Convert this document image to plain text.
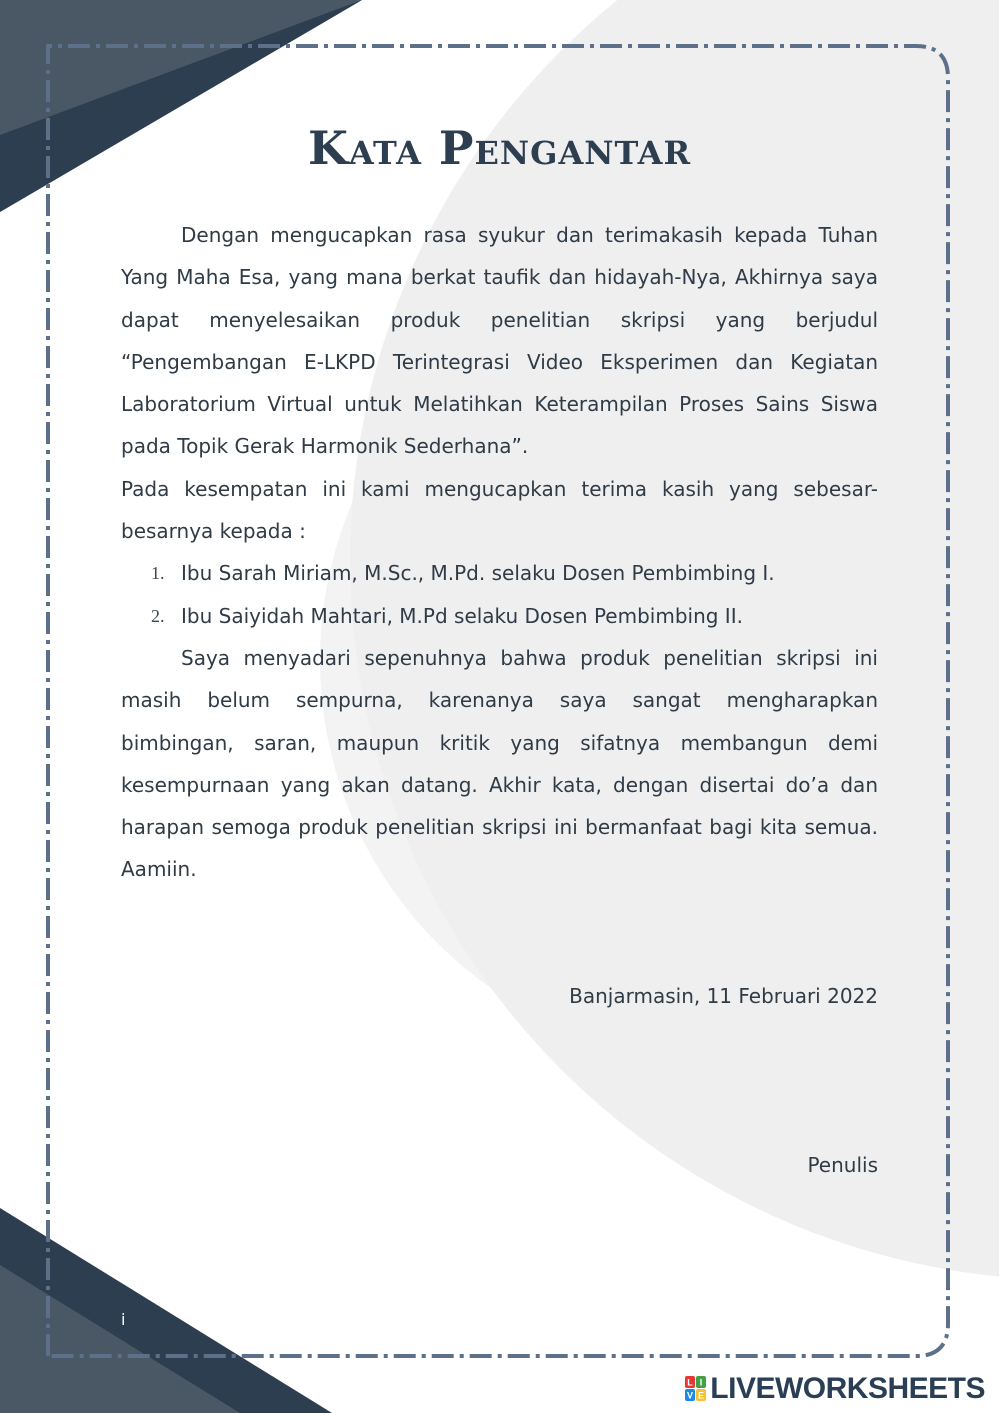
Kata Pengantar

Dengan mengucapkan rasa syukur dan terimakasih kepada Tuhan Yang Maha Esa, yang mana berkat taufik dan hidayah-Nya, Akhirnya saya dapat menyelesaikan produk penelitian skripsi yang berjudul “Pengembangan E-LKPD Terintegrasi Video Eksperimen dan Kegiatan Laboratorium Virtual untuk Melatihkan Keterampilan Proses Sains Siswa pada Topik Gerak Harmonik Sederhana”.

Pada kesempatan ini kami mengucapkan terima kasih yang sebesar-besarnya kepada :

1. Ibu Sarah Miriam, M.Sc., M.Pd. selaku Dosen Pembimbing I.
2. Ibu Saiyidah Mahtari, M.Pd selaku Dosen Pembimbing II.

Saya menyadari sepenuhnya bahwa produk penelitian skripsi ini masih belum sempurna, karenanya saya sangat mengharapkan bimbingan, saran, maupun kritik yang sifatnya membangun demi kesempurnaan yang akan datang. Akhir kata, dengan disertai do’a dan harapan semoga produk penelitian skripsi ini bermanfaat bagi kita semua. Aamiin.

Banjarmasin, 11 Februari 2022
Penulis
i
L I
V E LIVEWORKSHEETS
